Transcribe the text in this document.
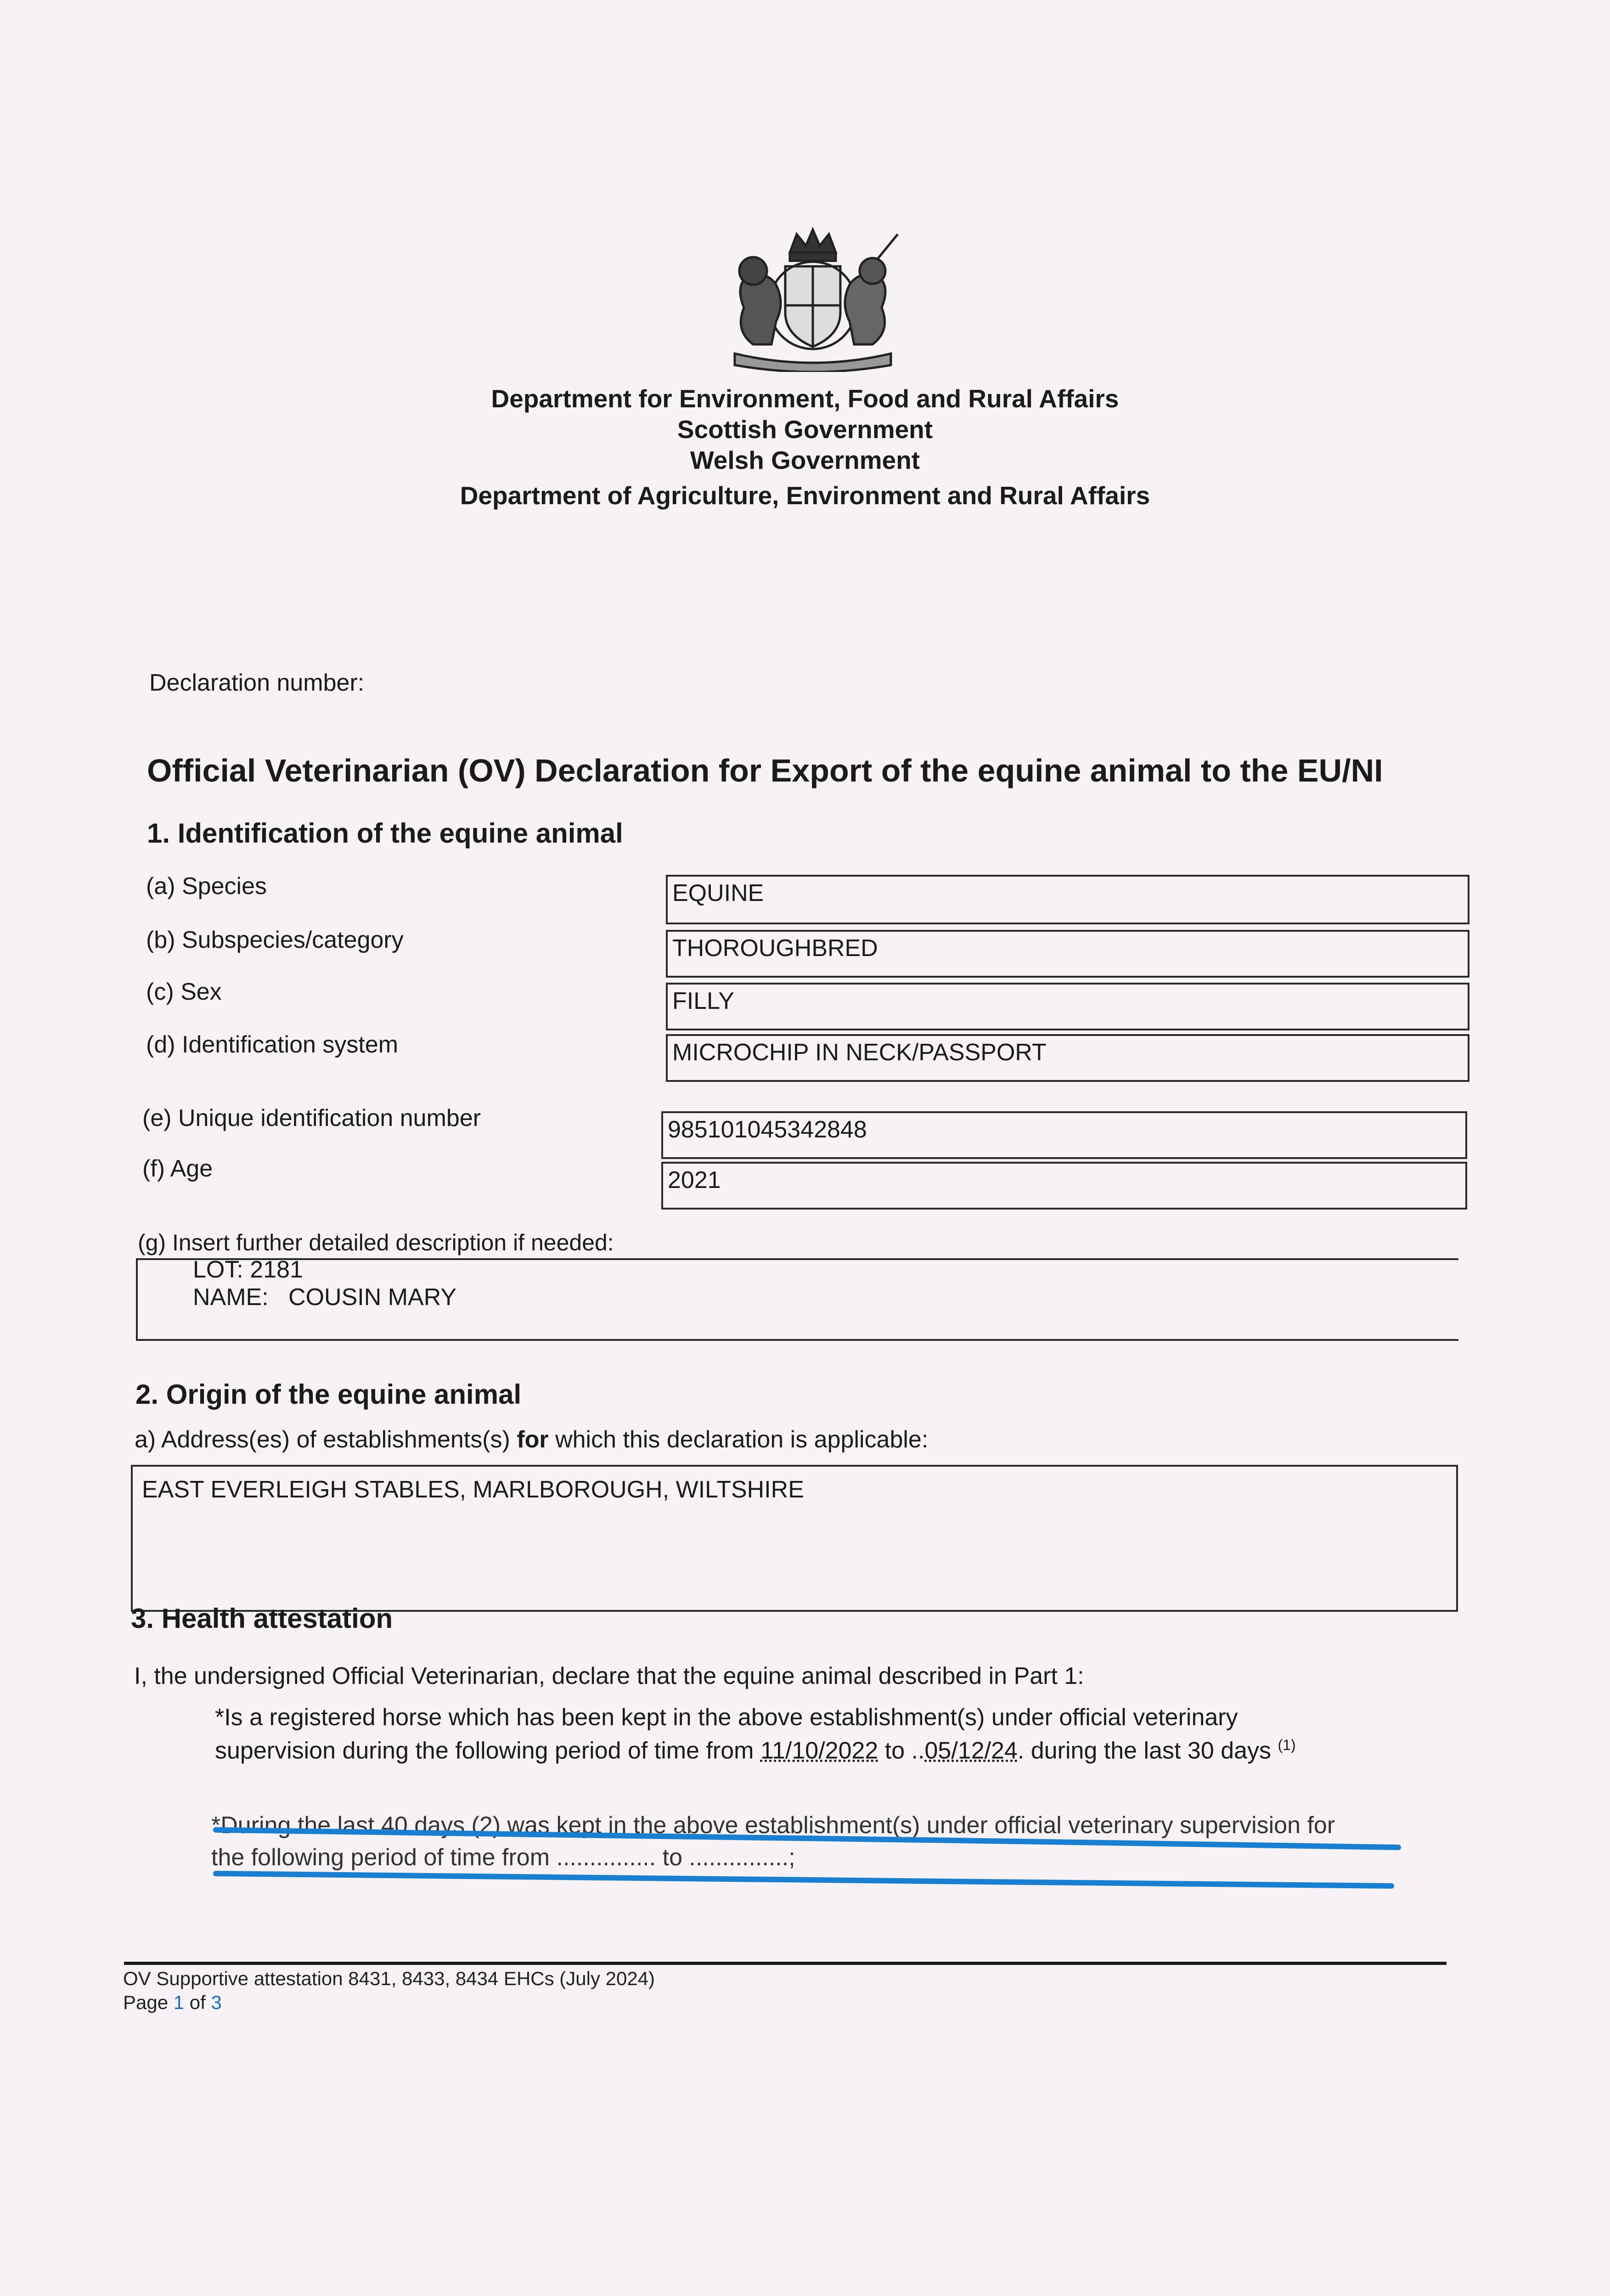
Department for Environment, Food and Rural Affairs
Scottish Government
Welsh Government
Department of Agriculture, Environment and Rural Affairs
Declaration number:
Official Veterinarian (OV) Declaration for Export of the equine animal to the EU/NI
1. Identification of the equine animal
(a) Species	EQUINE
(b) Subspecies/category	THOROUGHBRED
(c) Sex	FILLY
(d) Identification system	MICROCHIP IN NECK/PASSPORT
(e) Unique identification number	985101045342848
(f) Age	2021
(g) Insert further detailed description if needed:
LOT: 2181
NAME:   COUSIN MARY
2. Origin of the equine animal
a) Address(es) of establishments(s) for which this declaration is applicable:
EAST EVERLEIGH STABLES, MARLBOROUGH, WILTSHIRE
3. Health attestation
I, the undersigned Official Veterinarian, declare that the equine animal described in Part 1:
*Is a registered horse which has been kept in the above establishment(s) under official veterinary
supervision during the following period of time from 11/10/2022 to ..05/12/24. during the last 30 days $^{(1)}$
*During the last 40 days (2) was kept in the above establishment(s) under official veterinary supervision for
the following period of time from ............... to ...............;
OV Supportive attestation 8431, 8433, 8434 EHCs (July 2024)
Page 1 of 3
